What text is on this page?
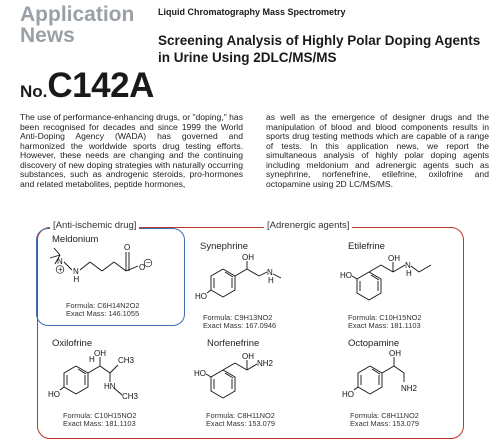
Application
News
No.C142A
Liquid Chromatography Mass Spectrometry
Screening Analysis of Highly Polar Doping Agents in Urine Using 2DLC/MS/MS

The use of performance-enhancing drugs, or "doping," has been recognised for decades and since 1999 the World Anti-Doping Agency (WADA) has governed and harmonized the worldwide sports drug testing efforts. However, these needs are changing and the continuing discovery of new doping strategies with naturally occurring substances, such as androgenic steroids, pro-hormones and related metabolites, peptide hormones,

as well as the emergence of designer drugs and the manipulation of blood and blood components results in sports drug testing methods which are capable of a range of tests. In this application news, we report the simultaneous analysis of highly polar doping agents including meldonium and adrenergic agents such as synephrine, norfenefrine, etilefrine, oxilofrine and octopamine using 2D LC/MS/MS.

[Anti-ischemic drug]	[Adrenergic agents]
Meldonium
N
+ N
H
O
O
−
Formula: C6H14N2O2
Exact Mass: 146.1055
Synephrine
OH
N
H
HO
Formula: C9H13NO2
Exact Mass: 167.0946
Etilefrine
OH
N
H
HO
Formula: C10H15NO2
Exact Mass: 181.1103
Oxilofrine
H
OH
CH3
HN
CH3
HO
Formula: C10H15NO2
Exact Mass: 181.1103
Norfenefrine
OH
NH2
HO
Formula: C8H11NO2
Exact Mass: 153.079
Octopamine
OH
NH2
HO
Formula: C8H11NO2
Exact Mass: 153.079
